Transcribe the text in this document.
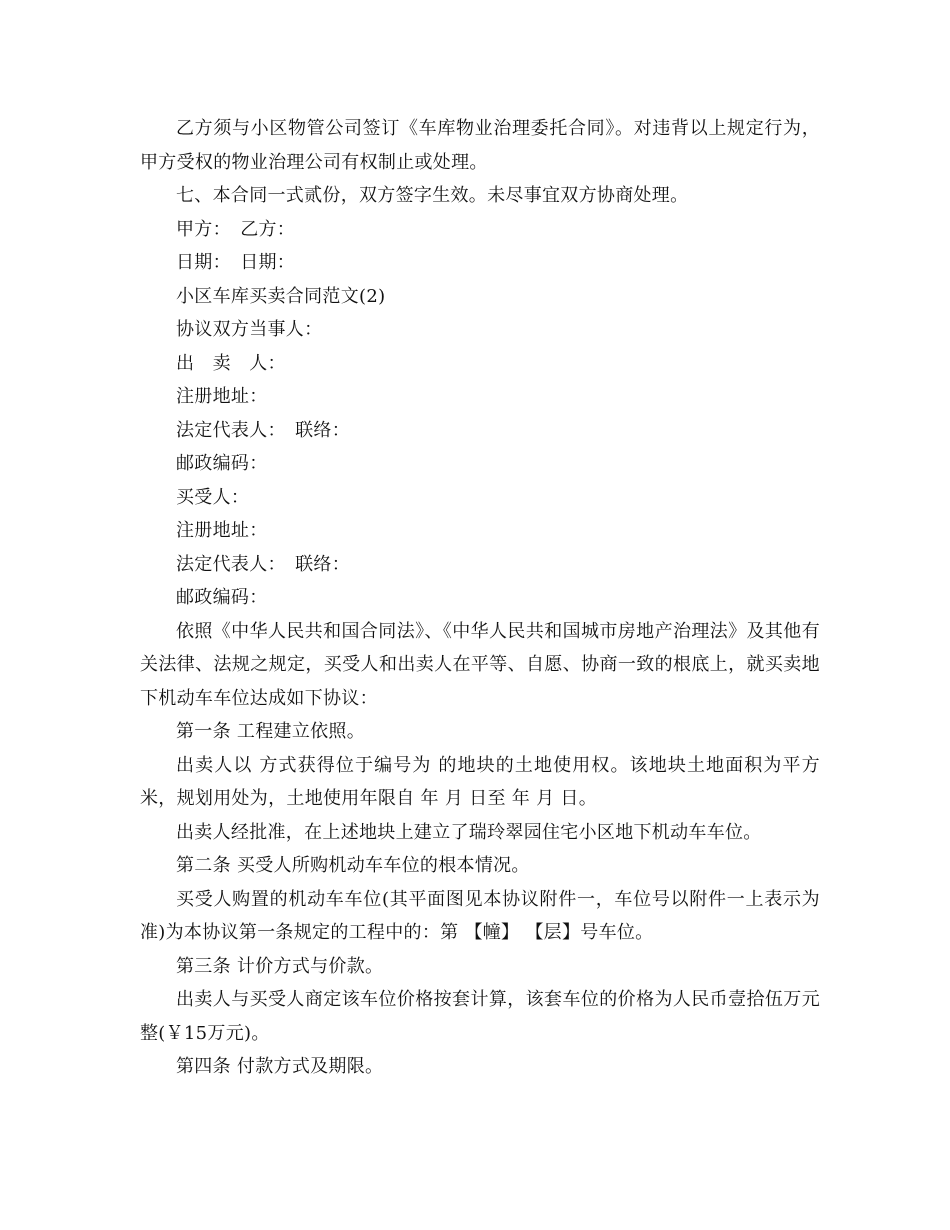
乙方须与小区物管公司签订《车库物业治理委托合同》。对违背以上规定行为，甲方受权的物业治理公司有权制止或处理。

七、本合同一式贰份，双方签字生效。未尽事宜双方协商处理。

甲方：　乙方：

日期：　日期：

小区车库买卖合同范文(2)

协议双方当事人：

出　卖　人：

注册地址：

法定代表人：　联络：

邮政编码：

买受人：

注册地址：

法定代表人：　联络：

邮政编码：

依照《中华人民共和国合同法》、《中华人民共和国城市房地产治理法》及其他有关法律、法规之规定，买受人和出卖人在平等、自愿、协商一致的根底上，就买卖地下机动车车位达成如下协议：

第一条 工程建立依照。

出卖人以 方式获得位于编号为 的地块的土地使用权。该地块土地面积为平方米，规划用处为，土地使用年限自 年 月 日至 年 月 日。

出卖人经批准，在上述地块上建立了瑞玲翠园住宅小区地下机动车车位。

第二条 买受人所购机动车车位的根本情况。

买受人购置的机动车车位(其平面图见本协议附件一，车位号以附件一上表示为准)为本协议第一条规定的工程中的：第 【幢】 【层】号车位。

第三条 计价方式与价款。

出卖人与买受人商定该车位价格按套计算，该套车位的价格为人民币壹拾伍万元整(￥15万元)。

第四条 付款方式及期限。
